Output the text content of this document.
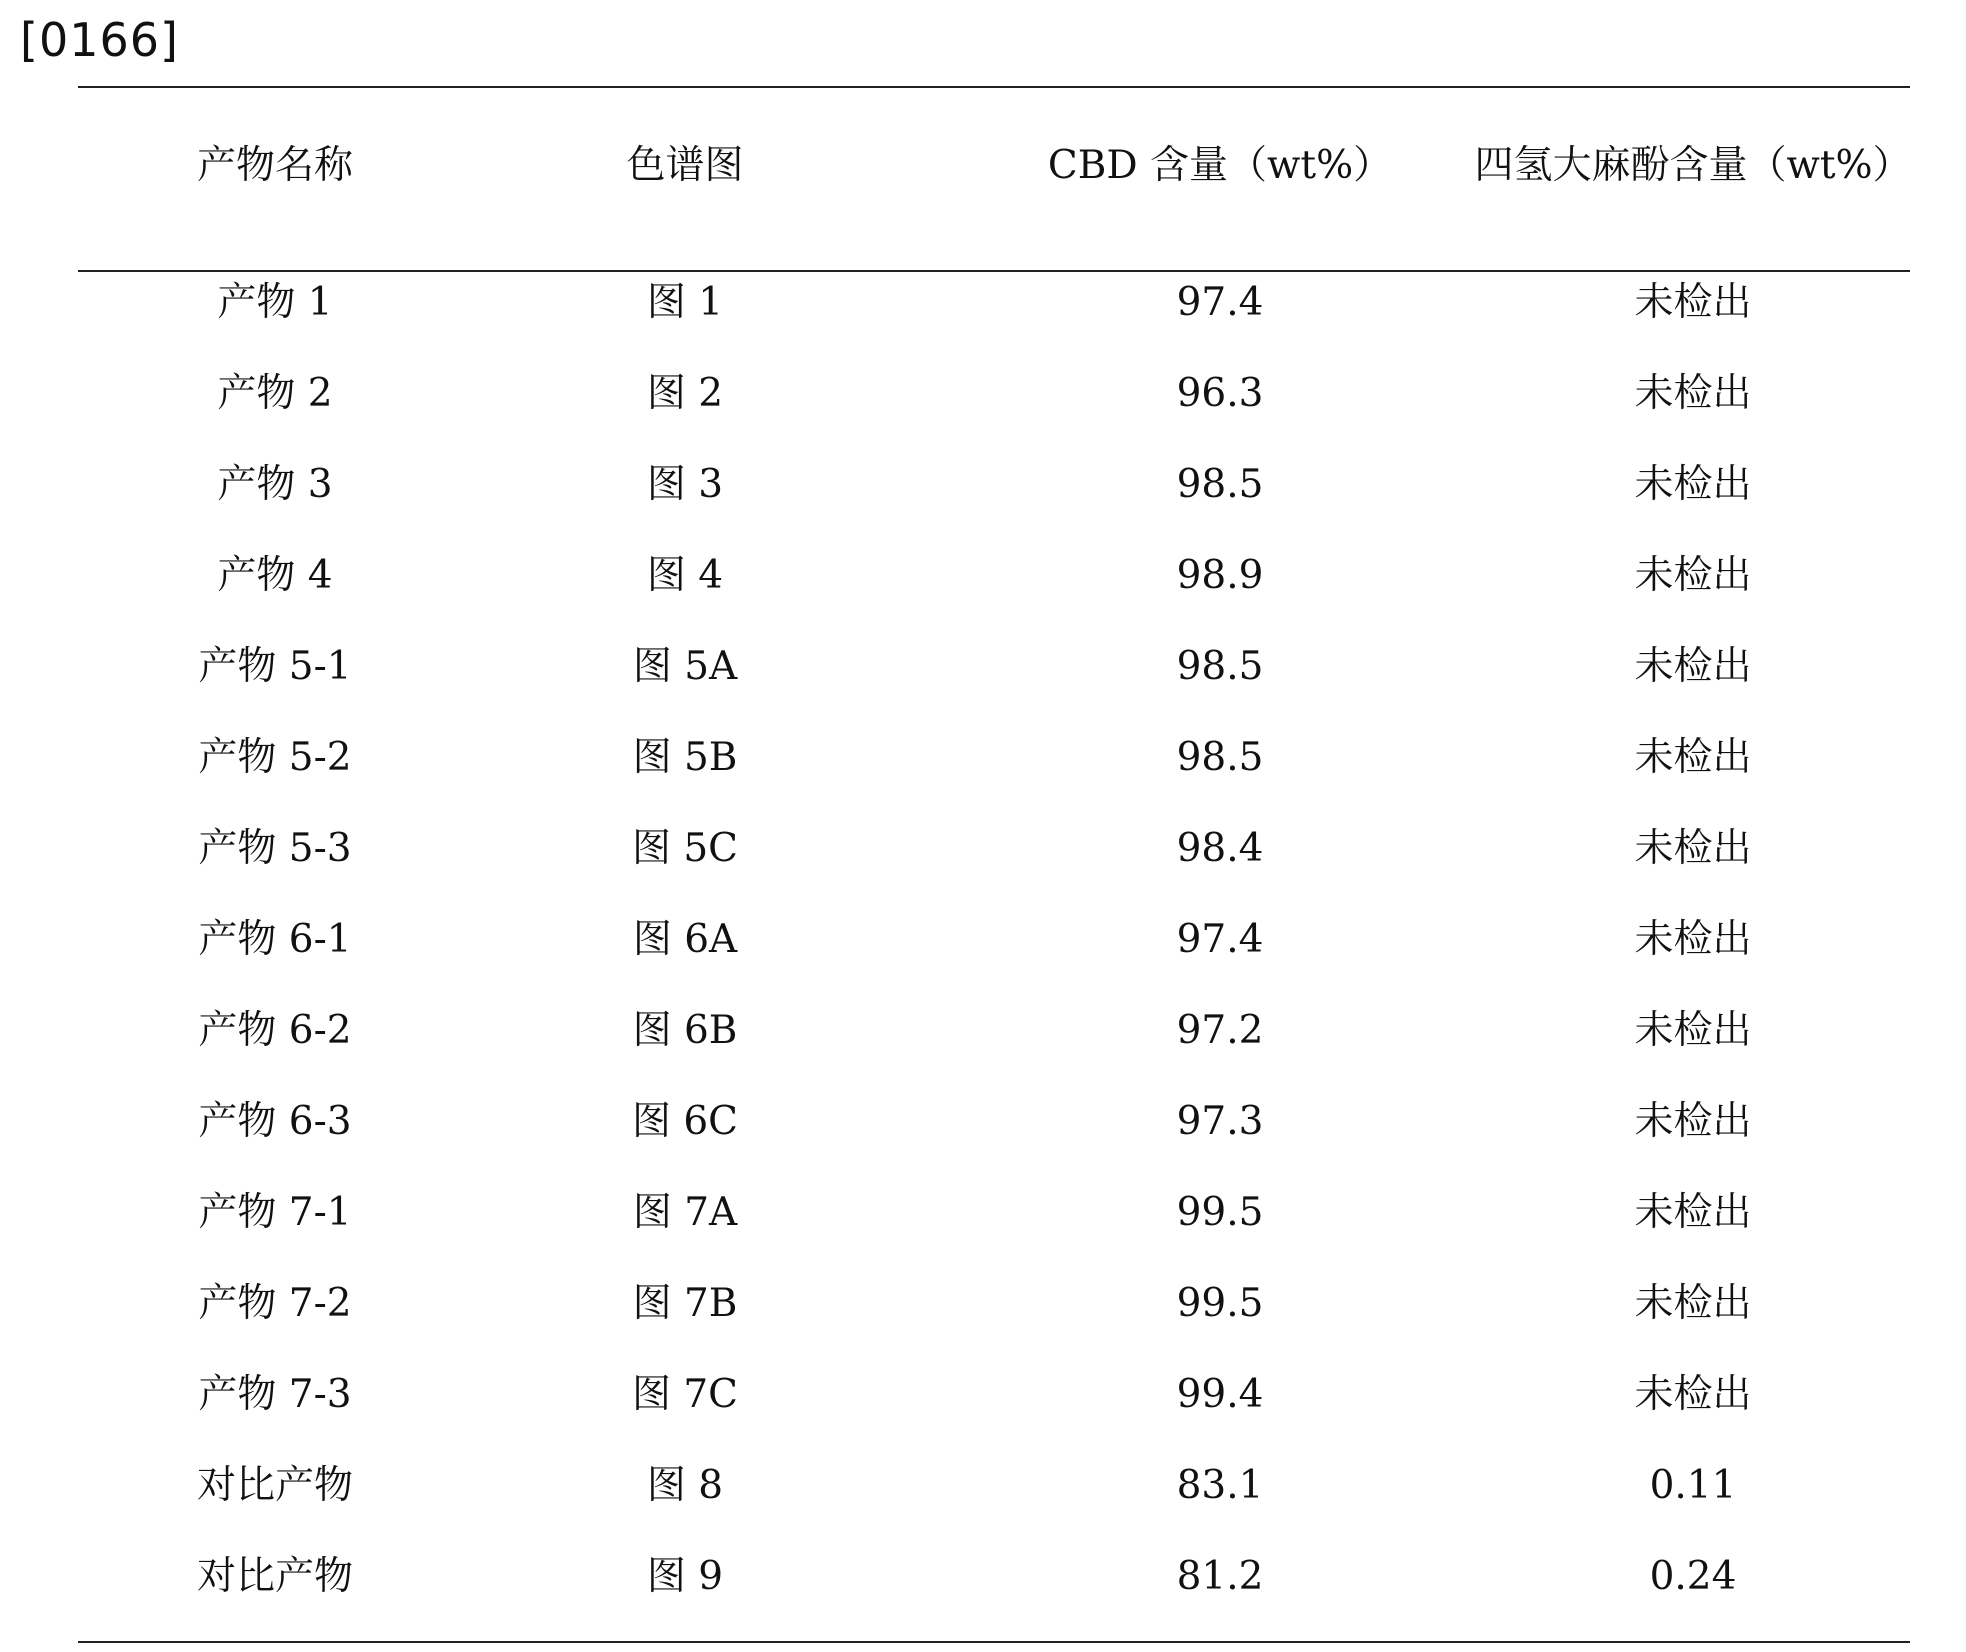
[0166]
产物名称	色谱图	CBD 含量（wt%）	四氢大麻酚含量（wt%）
产物 1	图 1	97.4	未检出
产物 2	图 2	96.3	未检出
产物 3	图 3	98.5	未检出
产物 4	图 4	98.9	未检出
产物 5-1	图 5A	98.5	未检出
产物 5-2	图 5B	98.5	未检出
产物 5-3	图 5C	98.4	未检出
产物 6-1	图 6A	97.4	未检出
产物 6-2	图 6B	97.2	未检出
产物 6-3	图 6C	97.3	未检出
产物 7-1	图 7A	99.5	未检出
产物 7-2	图 7B	99.5	未检出
产物 7-3	图 7C	99.4	未检出
对比产物	图 8	83.1	0.11
对比产物	图 9	81.2	0.24
